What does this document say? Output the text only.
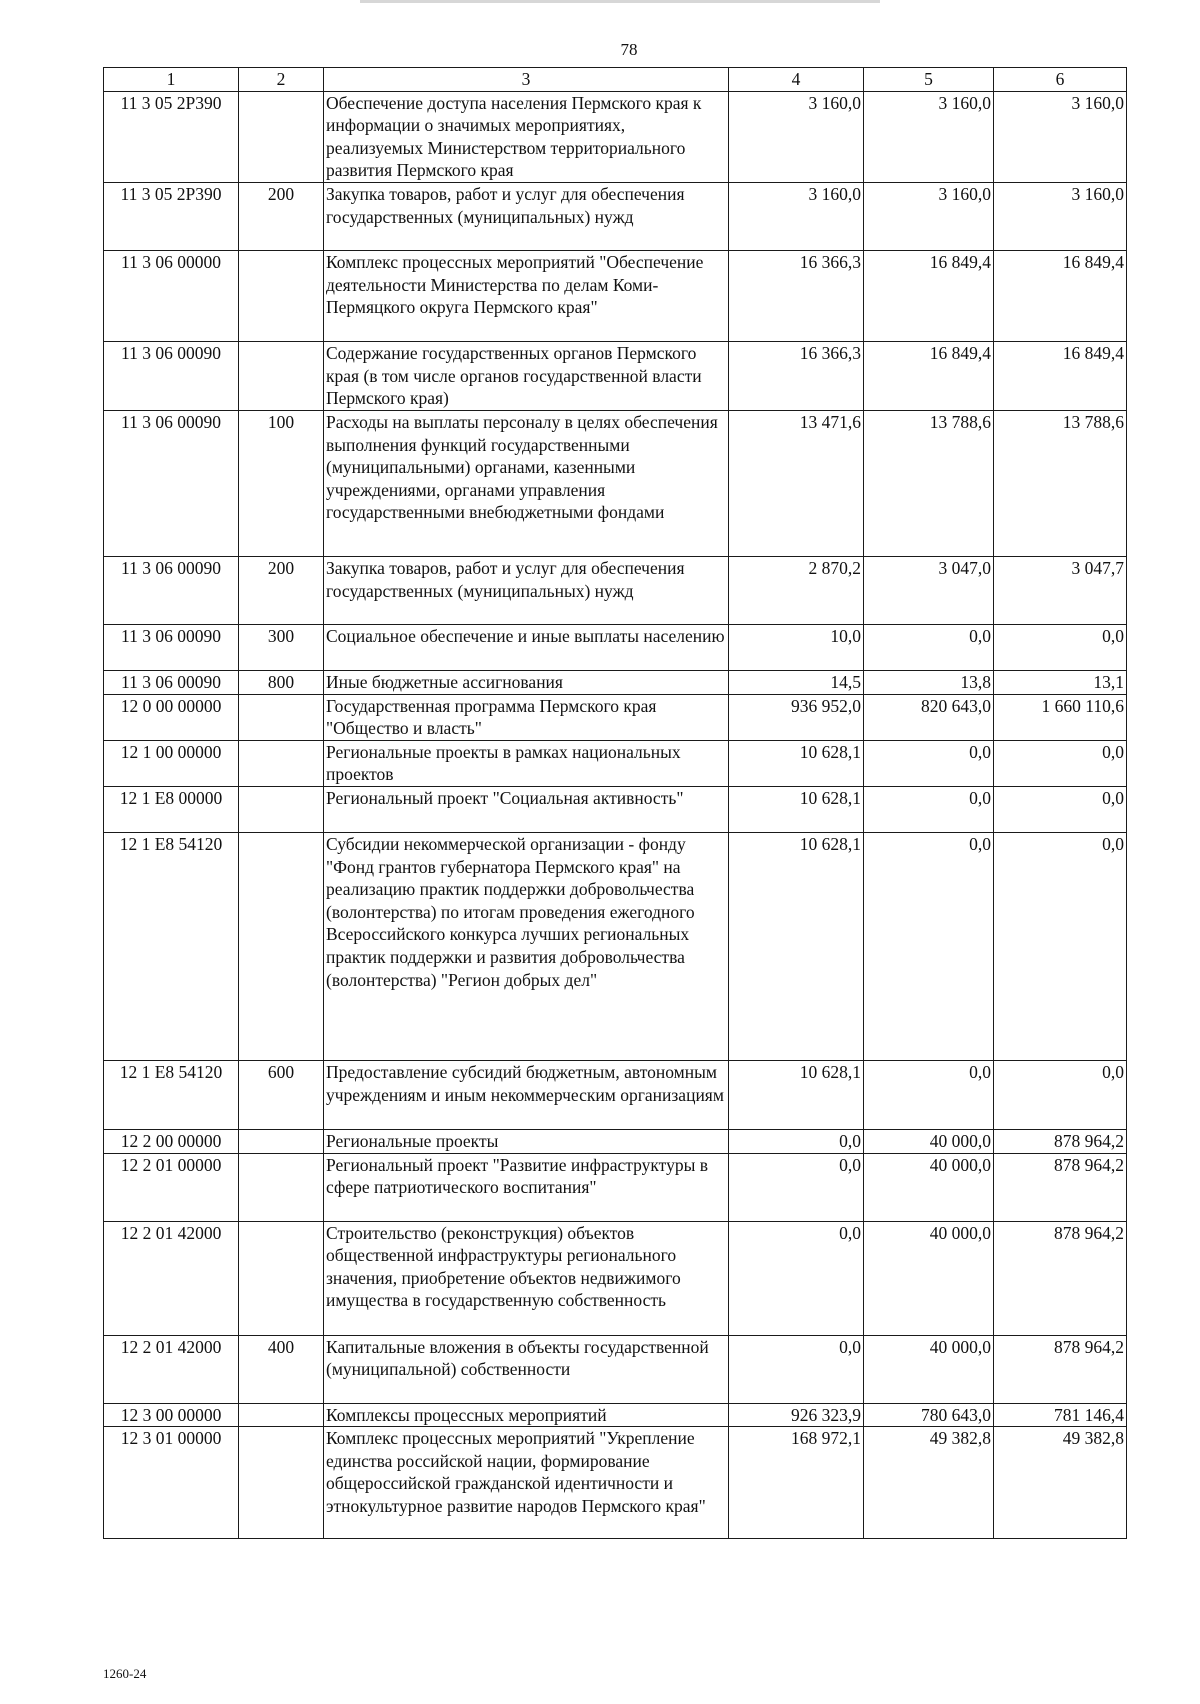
78
1	2	3	4	5	6
11 3 05 2Р390		Обеспечение доступа населения Пермского края к информации о значимых мероприятиях, реализуемых Министерством территориального развития Пермского края	3 160,0	3 160,0	3 160,0
11 3 05 2Р390	200	Закупка товаров, работ и услуг для обеспечения государственных (муниципальных) нужд	3 160,0	3 160,0	3 160,0
11 3 06 00000		Комплекс процессных мероприятий "Обеспечение деятельности Министерства по делам Коми-Пермяцкого округа Пермского края"	16 366,3	16 849,4	16 849,4
11 3 06 00090		Содержание государственных органов Пермского края (в том числе органов государственной власти Пермского края)	16 366,3	16 849,4	16 849,4
11 3 06 00090	100	Расходы на выплаты персоналу в целях обеспечения выполнения функций государственными (муниципальными) органами, казенными учреждениями, органами управления государственными внебюджетными фондами	13 471,6	13 788,6	13 788,6
11 3 06 00090	200	Закупка товаров, работ и услуг для обеспечения государственных (муниципальных) нужд	2 870,2	3 047,0	3 047,7
11 3 06 00090	300	Социальное обеспечение и иные выплаты населению	10,0	0,0	0,0
11 3 06 00090	800	Иные бюджетные ассигнования	14,5	13,8	13,1
12 0 00 00000		Государственная программа Пермского края "Общество и власть"	936 952,0	820 643,0	1 660 110,6
12 1 00 00000		Региональные проекты в рамках национальных проектов	10 628,1	0,0	0,0
12 1 Е8 00000		Региональный проект "Социальная активность"	10 628,1	0,0	0,0
12 1 Е8 54120		Субсидии некоммерческой организации - фонду "Фонд грантов губернатора Пермского края" на реализацию практик поддержки добровольчества (волонтерства) по итогам проведения ежегодного Всероссийского конкурса лучших региональных практик поддержки и развития добровольчества (волонтерства) "Регион добрых дел"	10 628,1	0,0	0,0
12 1 Е8 54120	600	Предоставление субсидий бюджетным, автономным учреждениям и иным некоммерческим организациям	10 628,1	0,0	0,0
12 2 00 00000		Региональные проекты	0,0	40 000,0	878 964,2
12 2 01 00000		Региональный проект "Развитие инфраструктуры в сфере патриотического воспитания"	0,0	40 000,0	878 964,2
12 2 01 42000		Строительство (реконструкция) объектов общественной инфраструктуры регионального значения, приобретение объектов недвижимого имущества в государственную собственность	0,0	40 000,0	878 964,2
12 2 01 42000	400	Капитальные вложения в объекты государственной (муниципальной) собственности	0,0	40 000,0	878 964,2
12 3 00 00000		Комплексы процессных мероприятий	926 323,9	780 643,0	781 146,4
12 3 01 00000		Комплекс процессных мероприятий "Укрепление единства российской нации, формирование общероссийской гражданской идентичности и этнокультурное развитие народов Пермского края"	168 972,1	49 382,8	49 382,8
1260-24
